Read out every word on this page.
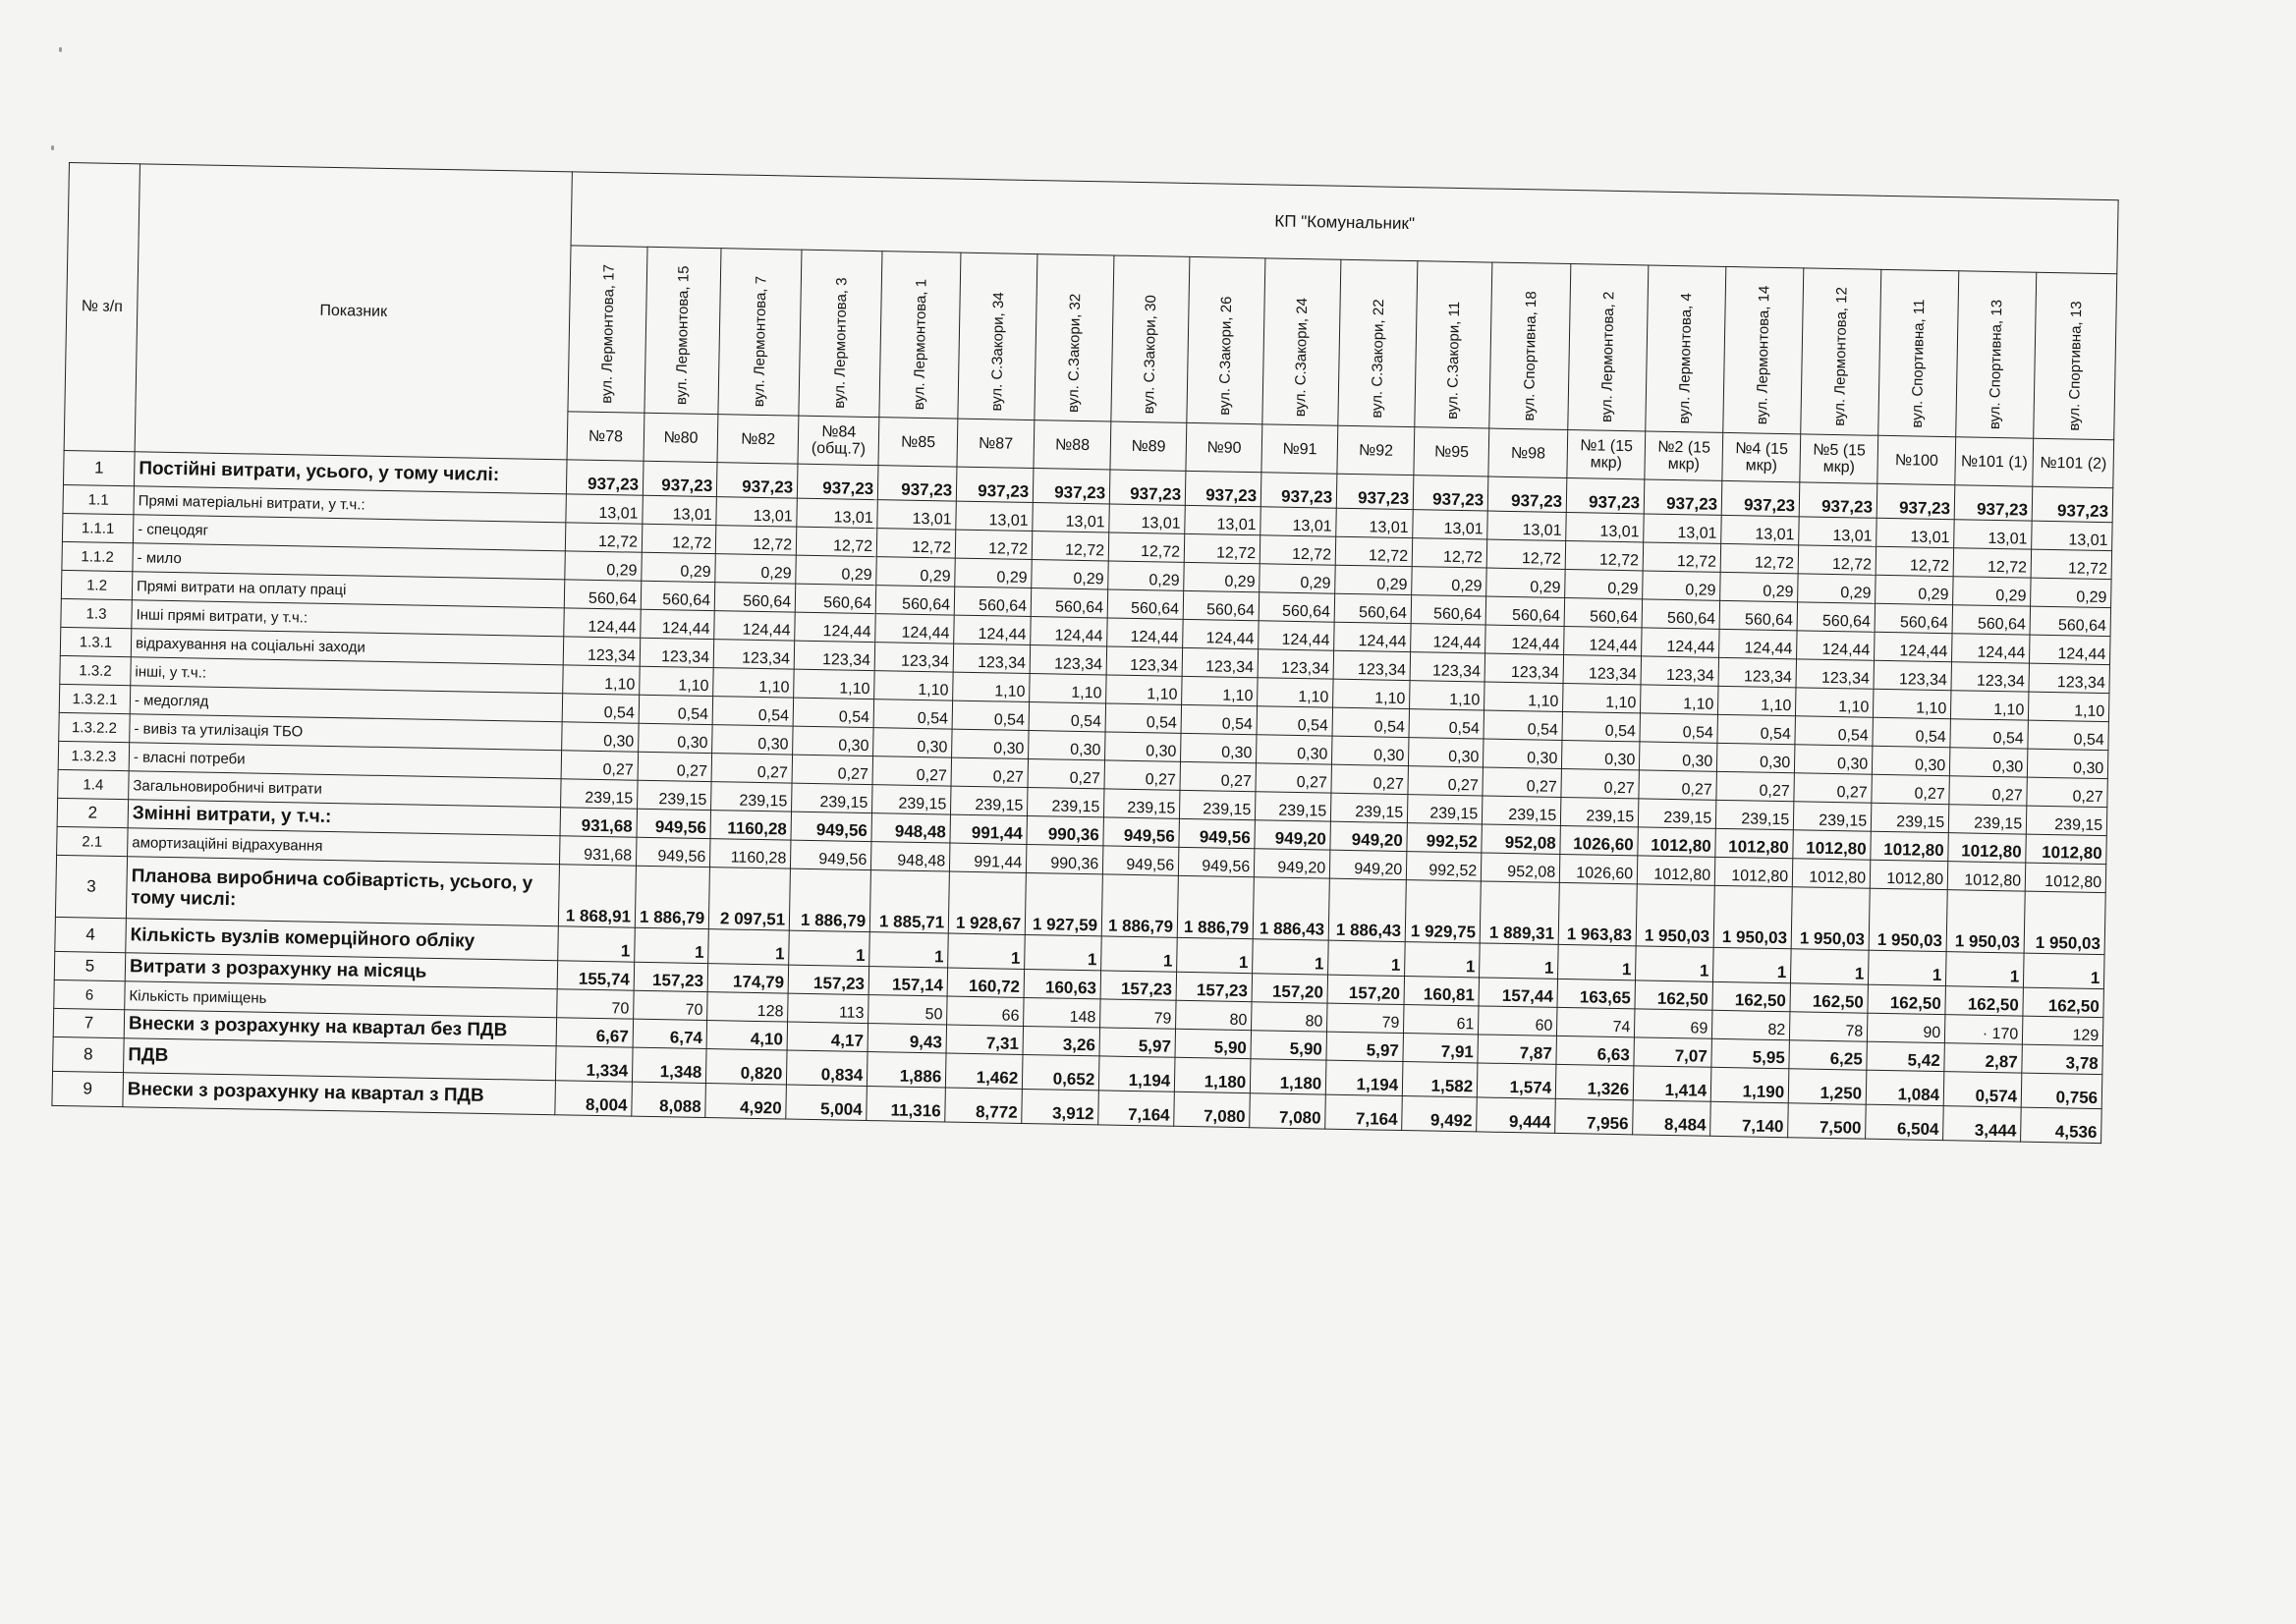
№ з/п	Показник	КП "Комунальник"																			

		вул. Лермонтова, 17	вул. Лермонтова, 15	вул. Лермонтова, 7	вул. Лермонтова, 3	вул. Лермонтова, 1	вул. С.Закори, 34	вул. С.Закори, 32	вул. С.Закори, 30	вул. С.Закори, 26	вул. С.Закори, 24	вул. С.Закори, 22	вул. С.Закори, 11	вул. Спортивна, 18	вул. Лермонтова, 2	вул. Лермонтова, 4	вул. Лермонтова, 14	вул. Лермонтова, 12	вул. Спортивна, 11	вул. Спортивна, 13	вул. Спортивна, 13

		№78	№80	№82	№84 (общ.7)	№85	№87	№88	№89	№90	№91	№92	№95	№98	№1 (15 мкр)	№2 (15 мкр)	№4 (15 мкр)	№5 (15 мкр)	№100	№101 (1)	№101 (2)
1	Постійні витрати, усього, у тому числі:	937,23	937,23	937,23	937,23	937,23	937,23	937,23	937,23	937,23	937,23	937,23	937,23	937,23	937,23	937,23	937,23	937,23	937,23	937,23	937,23
1.1	Прямі матеріальні витрати, у т.ч.:	13,01	13,01	13,01	13,01	13,01	13,01	13,01	13,01	13,01	13,01	13,01	13,01	13,01	13,01	13,01	13,01	13,01	13,01	13,01	13,01
1.1.1	- спецодяг	12,72	12,72	12,72	12,72	12,72	12,72	12,72	12,72	12,72	12,72	12,72	12,72	12,72	12,72	12,72	12,72	12,72	12,72	12,72	12,72
1.1.2	- мило	0,29	0,29	0,29	0,29	0,29	0,29	0,29	0,29	0,29	0,29	0,29	0,29	0,29	0,29	0,29	0,29	0,29	0,29	0,29	0,29
1.2	Прямі витрати на оплату праці	560,64	560,64	560,64	560,64	560,64	560,64	560,64	560,64	560,64	560,64	560,64	560,64	560,64	560,64	560,64	560,64	560,64	560,64	560,64	560,64
1.3	Інші прямі витрати, у т.ч.:	124,44	124,44	124,44	124,44	124,44	124,44	124,44	124,44	124,44	124,44	124,44	124,44	124,44	124,44	124,44	124,44	124,44	124,44	124,44	124,44
1.3.1	відрахування на соціальні заходи	123,34	123,34	123,34	123,34	123,34	123,34	123,34	123,34	123,34	123,34	123,34	123,34	123,34	123,34	123,34	123,34	123,34	123,34	123,34	123,34
1.3.2	інші, у т.ч.:	1,10	1,10	1,10	1,10	1,10	1,10	1,10	1,10	1,10	1,10	1,10	1,10	1,10	1,10	1,10	1,10	1,10	1,10	1,10	1,10
1.3.2.1	- медогляд	0,54	0,54	0,54	0,54	0,54	0,54	0,54	0,54	0,54	0,54	0,54	0,54	0,54	0,54	0,54	0,54	0,54	0,54	0,54	0,54
1.3.2.2	- вивіз та утилізація ТБО	0,30	0,30	0,30	0,30	0,30	0,30	0,30	0,30	0,30	0,30	0,30	0,30	0,30	0,30	0,30	0,30	0,30	0,30	0,30	0,30
1.3.2.3	- власні потреби	0,27	0,27	0,27	0,27	0,27	0,27	0,27	0,27	0,27	0,27	0,27	0,27	0,27	0,27	0,27	0,27	0,27	0,27	0,27	0,27
1.4	Загальновиробничі витрати	239,15	239,15	239,15	239,15	239,15	239,15	239,15	239,15	239,15	239,15	239,15	239,15	239,15	239,15	239,15	239,15	239,15	239,15	239,15	239,15
2	Змінні витрати, у т.ч.:	931,68	949,56	1160,28	949,56	948,48	991,44	990,36	949,56	949,56	949,20	949,20	992,52	952,08	1026,60	1012,80	1012,80	1012,80	1012,80	1012,80	1012,80
2.1	амортизаційні відрахування	931,68	949,56	1160,28	949,56	948,48	991,44	990,36	949,56	949,56	949,20	949,20	992,52	952,08	1026,60	1012,80	1012,80	1012,80	1012,80	1012,80	1012,80
3	Планова виробнича собівартість, усього, у тому числі:	1 868,91	1 886,79	2 097,51	1 886,79	1 885,71	1 928,67	1 927,59	1 886,79	1 886,79	1 886,43	1 886,43	1 929,75	1 889,31	1 963,83	1 950,03	1 950,03	1 950,03	1 950,03	1 950,03	1 950,03
4	Кількість вузлів комерційного обліку	1	1	1	1	1	1	1	1	1	1	1	1	1	1	1	1	1	1	1	1
5	Витрати з розрахунку на місяць	155,74	157,23	174,79	157,23	157,14	160,72	160,63	157,23	157,23	157,20	157,20	160,81	157,44	163,65	162,50	162,50	162,50	162,50	162,50	162,50
6	Кількість приміщень	70	70	128	113	50	66	148	79	80	80	79	61	60	74	69	82	78	90	· 170	129
7	Внески з розрахунку на квартал без ПДВ	6,67	6,74	4,10	4,17	9,43	7,31	3,26	5,97	5,90	5,90	5,97	7,91	7,87	6,63	7,07	5,95	6,25	5,42	2,87	3,78
8	ПДВ	1,334	1,348	0,820	0,834	1,886	1,462	0,652	1,194	1,180	1,180	1,194	1,582	1,574	1,326	1,414	1,190	1,250	1,084	0,574	0,756
9	Внески з розрахунку на квартал з ПДВ	8,004	8,088	4,920	5,004	11,316	8,772	3,912	7,164	7,080	7,080	7,164	9,492	9,444	7,956	8,484	7,140	7,500	6,504	3,444	4,536
